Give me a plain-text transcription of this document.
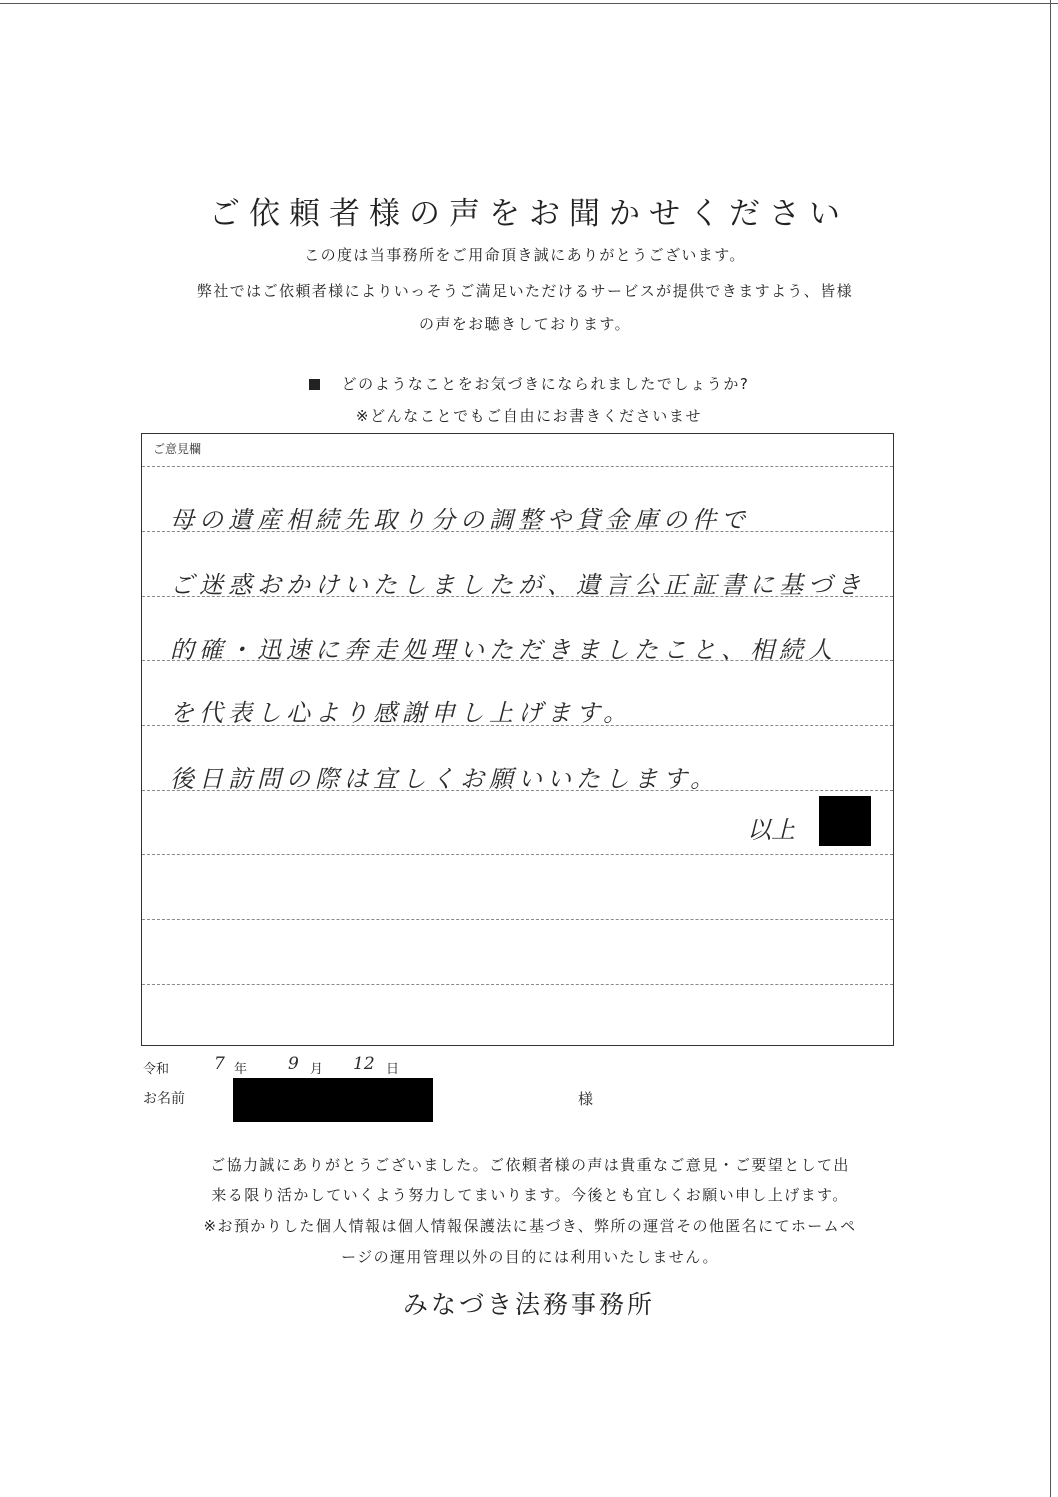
ご依頼者様の声をお聞かせください
この度は当事務所をご用命頂き誠にありがとうございます。
弊社ではご依頼者様によりいっそうご満足いただけるサービスが提供できますよう、皆様
の声をお聴きしております。
どのようなことをお気づきになられましたでしょうか?
※どんなことでもご自由にお書きくださいませ
ご意見欄
母の遺産相続先取り分の調整や貸金庫の件で
ご迷惑おかけいたしましたが、遺言公正証書に基づき
的確・迅速に奔走処理いただきましたこと、相続人
を代表し心より感謝申し上げます。
後日訪問の際は宜しくお願いいたします。
以上
令和	7 年 9 月 12 日
お名前	様
ご協力誠にありがとうございました。ご依頼者様の声は貴重なご意見・ご要望として出
来る限り活かしていくよう努力してまいります。今後とも宜しくお願い申し上げます。
※お預かりした個人情報は個人情報保護法に基づき、弊所の運営その他匿名にてホームペ
ージの運用管理以外の目的には利用いたしません。
みなづき法務事務所
